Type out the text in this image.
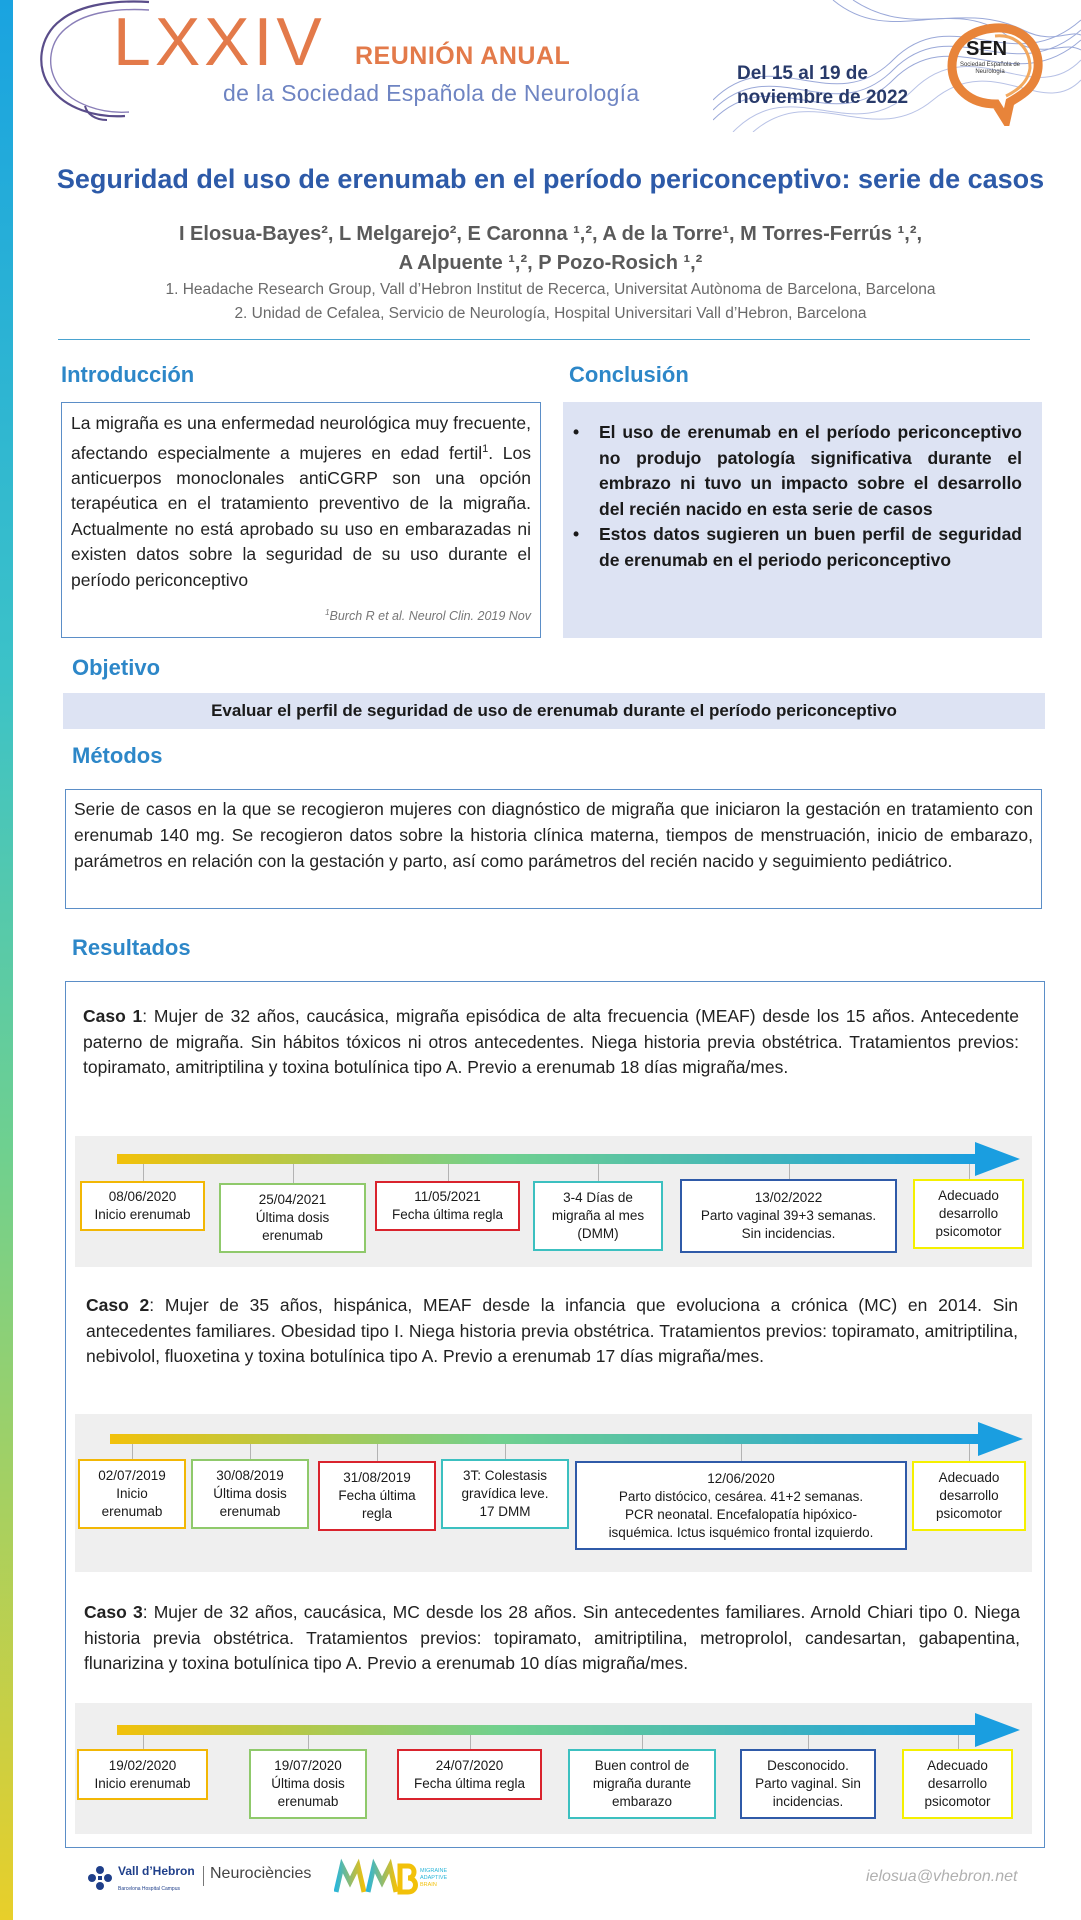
LXXIV REUNIÓN ANUAL
de la Sociedad Española de Neurología
Del 15 al 19 de
noviembre de 2022
SEN
Sociedad Española de Neurología
Seguridad del uso de erenumab en el período periconceptivo: serie de casos
I Elosua-Bayes², L Melgarejo², E Caronna ¹,², A de la Torre¹, M Torres-Ferrús ¹,²,
A Alpuente ¹,², P Pozo-Rosich ¹,²
1. Headache Research Group, Vall d’Hebron Institut de Recerca, Universitat Autònoma de Barcelona, Barcelona
2. Unidad de Cefalea, Servicio de Neurología, Hospital Universitari Vall d’Hebron, Barcelona
Introducción
La migraña es una enfermedad neurológica muy frecuente, afectando especialmente a mujeres en edad fertil$^1$. Los anticuerpos monoclonales antiCGRP son una opción terapéutica en el tratamiento preventivo de la migraña. Actualmente no está aprobado su uso en embarazadas ni existen datos sobre la seguridad de su uso durante el período periconceptivo
$^1$Burch R et al. Neurol Clin. 2019 Nov
Conclusión
• El uso de erenumab en el período periconceptivo no produjo patología significativa durante el embrazo ni tuvo un impacto sobre el desarrollo del recién nacido en esta serie de casos
• Estos datos sugieren un buen perfil de seguridad de erenumab en el periodo periconceptivo
Objetivo
Evaluar el perfil de seguridad de uso de erenumab durante el período periconceptivo
Métodos
Serie de casos en la que se recogieron mujeres con diagnóstico de migraña que iniciaron la gestación en tratamiento con erenumab 140 mg. Se recogieron datos sobre la historia clínica materna, tiempos de menstruación, inicio de embarazo, parámetros en relación con la gestación y parto, así como parámetros del recién nacido y seguimiento pediátrico.
Resultados
Caso 1: Mujer de 32 años, caucásica, migraña episódica de alta frecuencia (MEAF) desde los 15 años. Antecedente paterno de migraña. Sin hábitos tóxicos ni otros antecedentes. Niega historia previa obstétrica. Tratamientos previos: topiramato, amitriptilina y toxina botulínica tipo A. Previo a erenumab 18 días migraña/mes.
Caso 2: Mujer de 35 años, hispánica, MEAF desde la infancia que evoluciona a crónica (MC) en 2014. Sin antecedentes familiares. Obesidad tipo I. Niega historia previa obstétrica. Tratamientos previos: topiramato, amitriptilina, nebivolol, fluoxetina y toxina botulínica tipo A. Previo a erenumab 17 días migraña/mes.
Caso 3: Mujer de 32 años, caucásica, MC desde los 28 años. Sin antecedentes familiares. Arnold Chiari tipo 0. Niega historia previa obstétrica. Tratamientos previos: topiramato, amitriptilina, metroprolol, candesartan, gabapentina, flunarizina y toxina botulínica tipo A. Previo a erenumab 10 días migraña/mes.
08/06/2020
Inicio erenumab
25/04/2021
Última dosis
erenumab
11/05/2021
Fecha última regla
3-4 Días de
migraña al mes
(DMM)
13/02/2022
Parto vaginal 39+3 semanas.
Sin incidencias.
Adecuado
desarrollo
psicomotor
02/07/2019
Inicio
erenumab
30/08/2019
Última dosis
erenumab
31/08/2019
Fecha última
regla
3T: Colestasis
gravídica leve.
17 DMM
12/06/2020
Parto distócico, cesárea. 41+2 semanas.
PCR neonatal. Encefalopatía hipóxico-
isquémica. Ictus isquémico frontal izquierdo.
Adecuado
desarrollo
psicomotor
19/02/2020
Inicio erenumab
19/07/2020
Última dosis
erenumab
24/07/2020
Fecha última regla
Buen control de
migraña durante
embarazo
Desconocido.
Parto vaginal. Sin
incidencias.
Adecuado
desarrollo
psicomotor
Vall d’Hebron
Barcelona Hospital Campus
Neurociències	MIGRAINE
ADAPTIVE
BRAIN	ielosua@vhebron.net
